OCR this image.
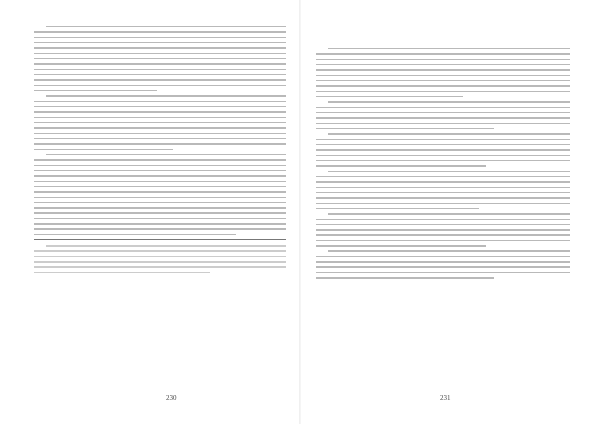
230	231
